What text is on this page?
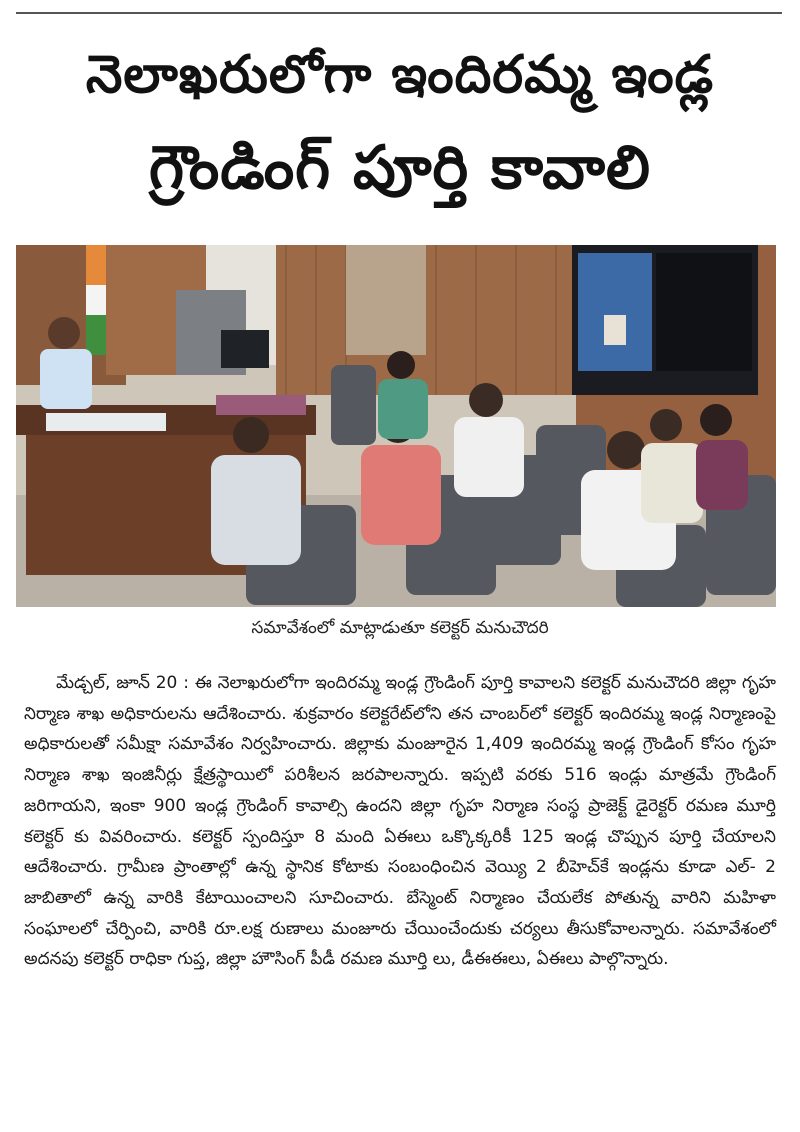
నెలాఖరులోగా ఇందిరమ్మ ఇండ్ల
గ్రౌండింగ్ పూర్తి కావాలి
సమావేశంలో మాట్లాడుతూ కలెక్టర్ మనుచౌదరి

మేడ్చల్, జూన్ 20 : ఈ నెలాఖరులోగా ఇందిరమ్మ ఇండ్ల గ్రౌండింగ్ పూర్తి కావాలని కలెక్టర్ మనుచౌదరి జిల్లా గృహ నిర్మాణ శాఖ అధికారులను ఆదేశించారు. శుక్రవారం కలెక్టరేట్‌లోని తన చాంబర్‌లో కలెక్టర్ ఇందిరమ్మ ఇండ్ల నిర్మాణంపై అధికారులతో సమీక్షా సమావేశం నిర్వహించారు. జిల్లాకు మంజూరైన 1,409 ఇందిరమ్మ ఇండ్ల గ్రౌండింగ్ కోసం గృహ నిర్మాణ శాఖ ఇంజినీర్లు క్షేత్రస్థాయిలో పరిశీలన జరపాలన్నారు. ఇప్పటి వరకు 516 ఇండ్లు మాత్రమే గ్రౌండింగ్ జరిగాయని, ఇంకా 900 ఇండ్ల గ్రౌండింగ్ కావాల్సి ఉందని జిల్లా గృహ నిర్మాణ సంస్థ ప్రాజెక్ట్ డైరెక్టర్ రమణ మూర్తి కలెక్టర్ కు వివరించారు. కలెక్టర్ స్పందిస్తూ 8 మంది ఏఈలు ఒక్కొక్కరికీ 125 ఇండ్ల చొప్పున పూర్తి చేయాలని ఆదేశించారు. గ్రామీణ ప్రాంతాల్లో ఉన్న స్థానిక కోటాకు సంబంధించిన వెయ్యి 2 బీహెచ్‌కే ఇండ్లను కూడా ఎల్- 2 జాబితాలో ఉన్న వారికి కేటాయించాలని సూచించారు. బేస్మెంట్ నిర్మాణం చేయలేక పోతున్న వారిని మహిళా సంఘాలలో చేర్పించి, వారికి రూ.లక్ష రుణాలు మంజూరు చేయించేందుకు చర్యలు తీసుకోవాలన్నారు. సమావేశంలో అదనపు కలెక్టర్ రాధికా గుప్త, జిల్లా హౌసింగ్ పీడీ రమణ మూర్తి లు, డీఈఈలు, ఏఈలు పాల్గొన్నారు.
